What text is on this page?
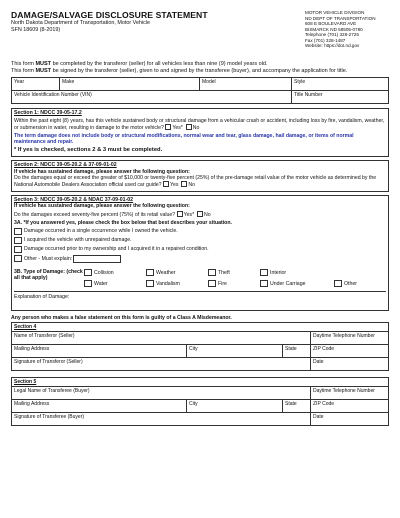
DAMAGE/SALVAGE DISCLOSURE STATEMENT
North Dakota Department of Transportation, Motor Vehicle
SFN 18609 (8-2019)
MOTOR VEHICLE DIVISION
ND DEPT OF TRANSPORTATION
608 E BOULEVARD AVE
BISMARCK ND 58505-0780
Telephone (701) 328-2725
Fax (701) 328-1487
Website: https://dot.nd.gov

This form MUST be completed by the transferor (seller) for all vehicles less than nine (9) model years old.

This form MUST be signed by the transferor (seller), given to and signed by the transferee (buyer), and accompany the application for title.

Year	Make	Model	Style
Vehicle Identification Number (VIN)			Title Number
Section 1: NDCC 39-05-17.2
Within the past eight (8) years, has this vehicle sustained body or structural damage from a vehicular crash or accident, including loss by fire, vandalism, weather, or submersion in water, resulting in damage to the motor vehicle? Yes* No
The term damage does not include body or structural modifications, normal wear and tear, glass damage, hail damage, or items of normal maintenance and repair.
* If yes is checked, sections 2 & 3 must be completed.
Section 2: NDCC 39-05-20.2 & 37-09-01-02
If vehicle has sustained damage, please answer the following question:
Do the damages equal or exceed the greater of $10,000 or twenty-five percent (25%) of the pre-damage retail value of the motor vehicle as determined by the National Automobile Dealers Association official used car guide? Yes No
Section 3: NDCC 39-05-20.2 & NDAC 37-09-01-02
If vehicle has sustained damage, please answer the following question:
Do the damages exceed seventy-five percent (75%) of its retail value? Yes* No
3A. *If you answered yes, please check the box below that best describes your situation.
Damage occurred in a single occurrence while I owned the vehicle.
I acquired the vehicle with unrepaired damage.
Damage occurred prior to my ownership and I acquired it in a repaired condition.
Other - Must explain:
3B. Type of Damage: (check all that apply)
Collision	Weather	Theft	Interior
Water	Vandalism	Fire	Under Carriage	Other
Explanation of Damage:
Any person who makes a false statement on this form is guilty of a Class A Misdemeanor.
Section 4			
Name of Transferor (Seller)			Daytime Telephone Number
Mailing Address	City	State	ZIP Code
Signature of Transferor (Seller)			Date
Section 5			
Legal Name of Transferee (Buyer)			Daytime Telephone Number
Mailing Address	City	State	ZIP Code
Signature of Transferee (Buyer)			Date
